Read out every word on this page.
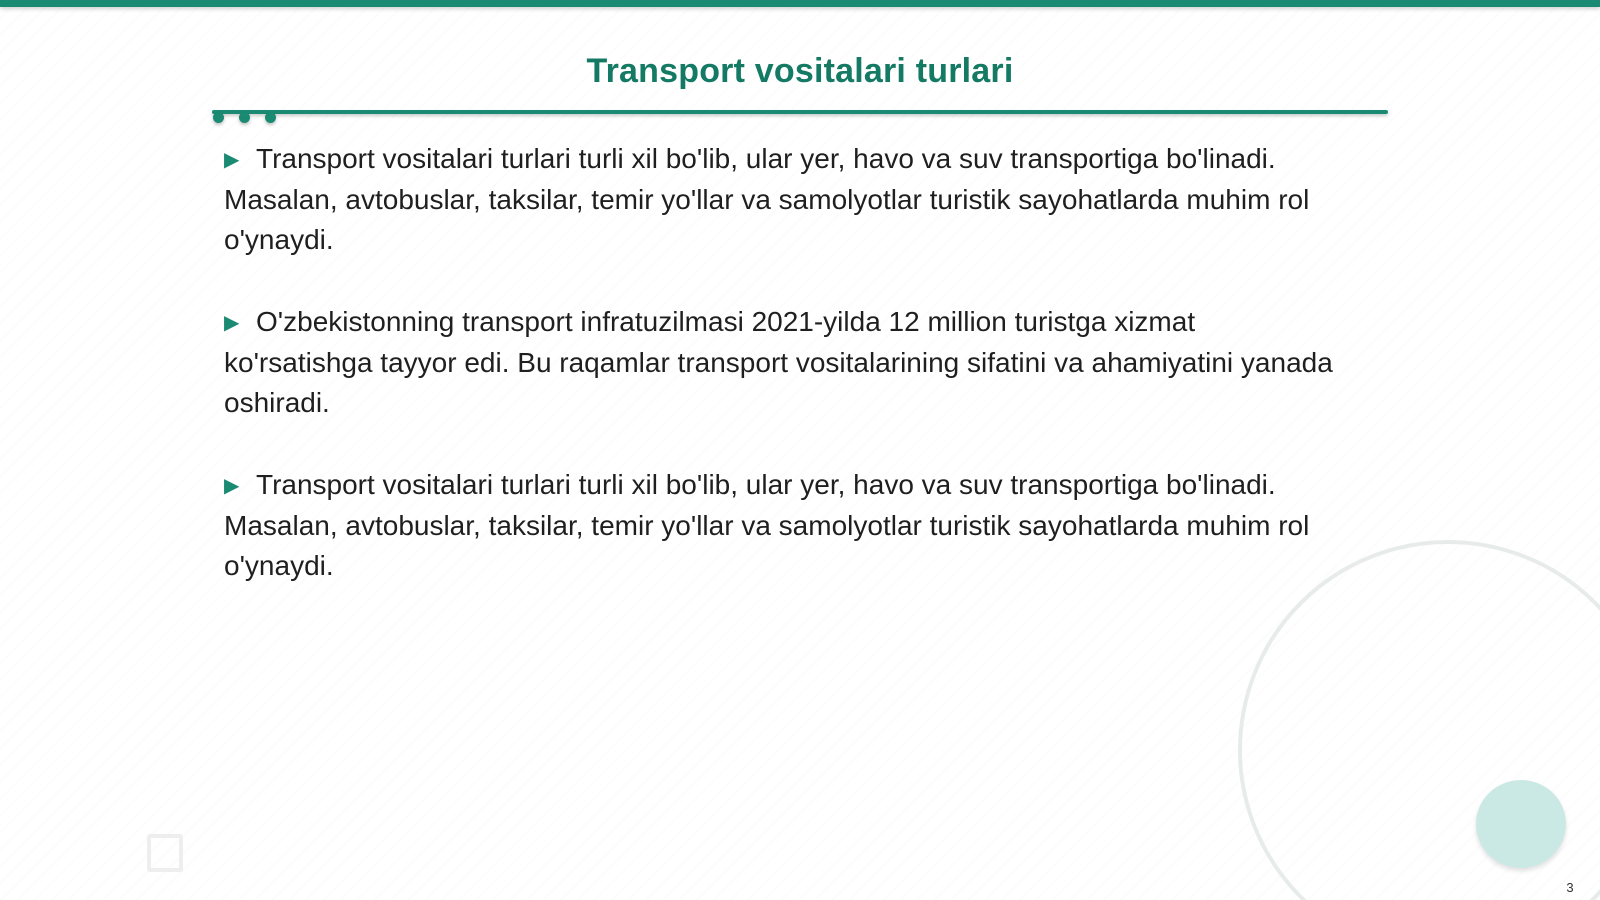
Transport vositalari turlari
▶ Transport vositalari turlari turli xil bo'lib, ular yer, havo va suv transportiga bo'linadi. Masalan, avtobuslar, taksilar, temir yo'llar va samolyotlar turistik sayohatlarda muhim rol o'ynaydi.
▶ O'zbekistonning transport infratuzilmasi 2021-yilda 12 million turistga xizmat ko'rsatishga tayyor edi. Bu raqamlar transport vositalarining sifatini va ahamiyatini yanada oshiradi.
▶ Transport vositalari turlari turli xil bo'lib, ular yer, havo va suv transportiga bo'linadi. Masalan, avtobuslar, taksilar, temir yo'llar va samolyotlar turistik sayohatlarda muhim rol o'ynaydi.
3
